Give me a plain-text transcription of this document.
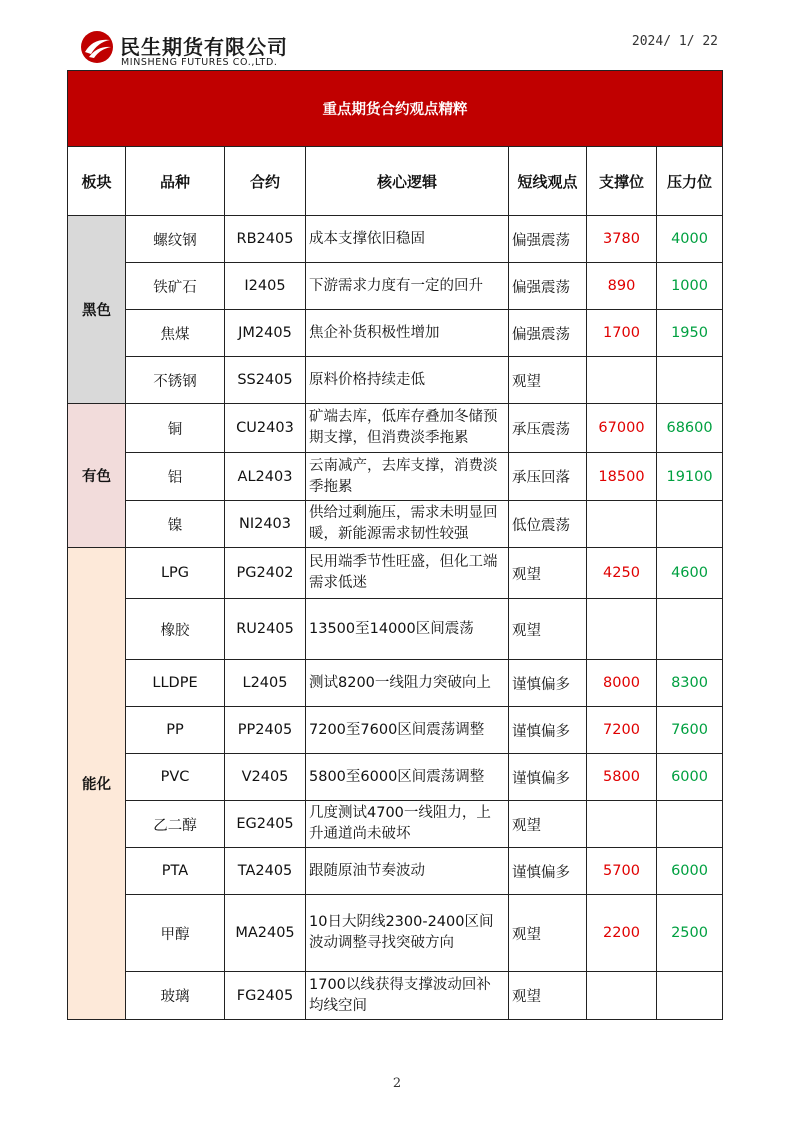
民生期货有限公司
MINSHENG FUTURES CO.,LTD.
2024/ 1/ 22
重点期货合约观点精粹						
板块	品种	合约	核心逻辑	短线观点	支撑位	压力位
黑色	螺纹钢	RB2405	成本支撑依旧稳固	偏强震荡	3780	4000
	铁矿石	I2405	下游需求力度有一定的回升	偏强震荡	890	1000
	焦煤	JM2405	焦企补货积极性增加	偏强震荡	1700	1950
	不锈钢	SS2405	原料价格持续走低	观望		
有色	铜	CU2403	矿端去库，低库存叠加冬储预期支撑，但消费淡季拖累	承压震荡	67000	68600
	铝	AL2403	云南减产，去库支撑，消费淡季拖累	承压回落	18500	19100
	镍	NI2403	供给过剩施压，需求未明显回暖，新能源需求韧性较强	低位震荡		
能化	LPG	PG2402	民用端季节性旺盛，但化工端需求低迷	观望	4250	4600
	橡胶	RU2405	13500至14000区间震荡	观望		
	LLDPE	L2405	测试8200一线阻力突破向上	谨慎偏多	8000	8300
	PP	PP2405	7200至7600区间震荡调整	谨慎偏多	7200	7600
	PVC	V2405	5800至6000区间震荡调整	谨慎偏多	5800	6000
	乙二醇	EG2405	几度测试4700一线阻力，上升通道尚未破坏	观望		
	PTA	TA2405	跟随原油节奏波动	谨慎偏多	5700	6000
	甲醇	MA2405	10日大阴线2300-2400区间波动调整寻找突破方向	观望	2200	2500
	玻璃	FG2405	1700以线获得支撑波动回补均线空间	观望		
2
